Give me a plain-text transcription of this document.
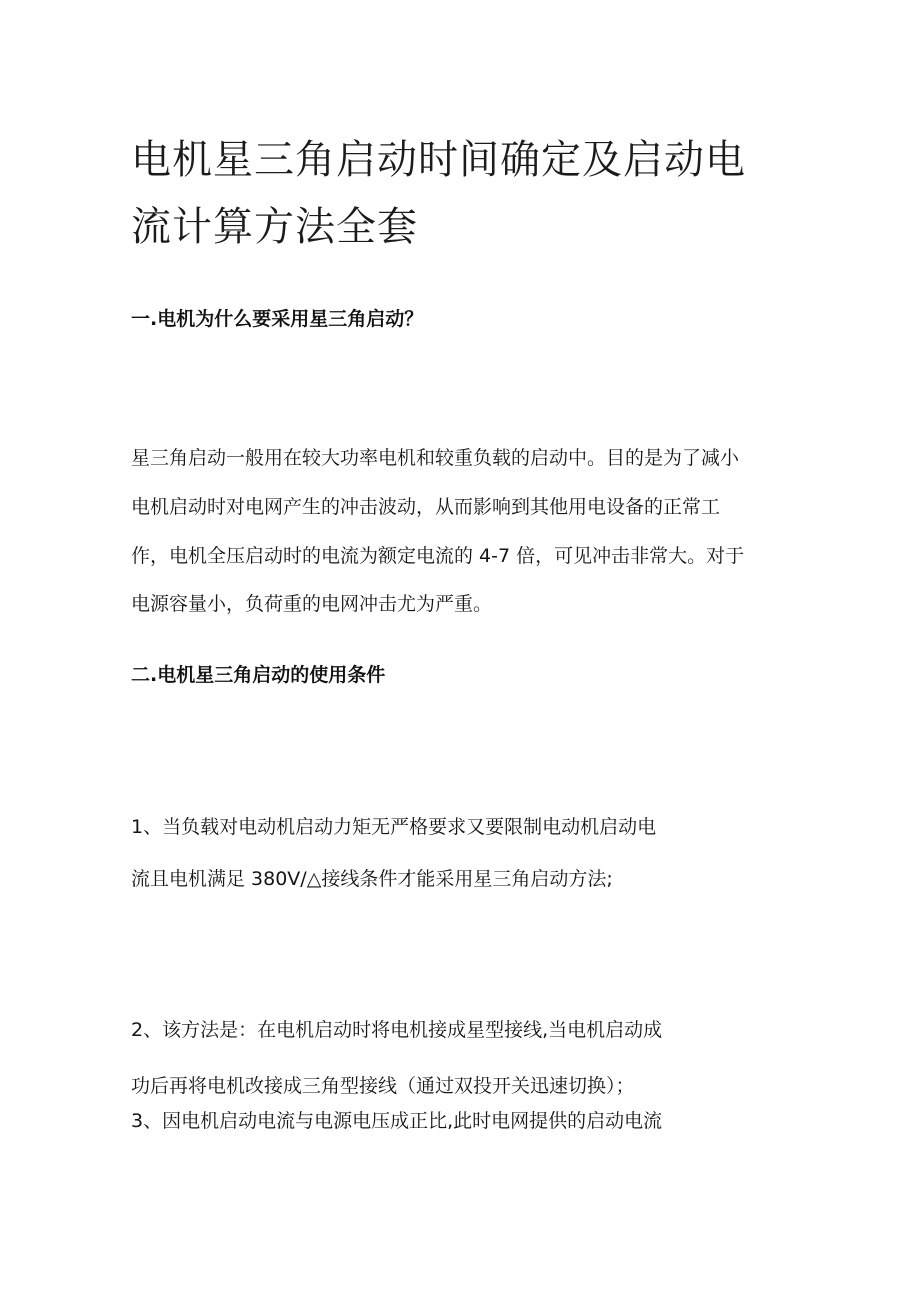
电机星三角启动时间确定及启动电
流计算方法全套
一.电机为什么要采用星三角启动？

星三角启动一般用在较大功率电机和较重负载的启动中。目的是为了减小

电机启动时对电网产生的冲击波动，从而影响到其他用电设备的正常工

作，电机全压启动时的电流为额定电流的 4-7 倍，可见冲击非常大。对于

电源容量小，负荷重的电网冲击尤为严重。

二.电机星三角启动的使用条件

1、当负载对电动机启动力矩无严格要求又要限制电动机启动电

流且电机满足 380V/△接线条件才能采用星三角启动方法;

2、该方法是：在电机启动时将电机接成星型接线,当电机启动成

功后再将电机改接成三角型接线（通过双投开关迅速切换）；

3、因电机启动电流与电源电压成正比,此时电网提供的启动电流
